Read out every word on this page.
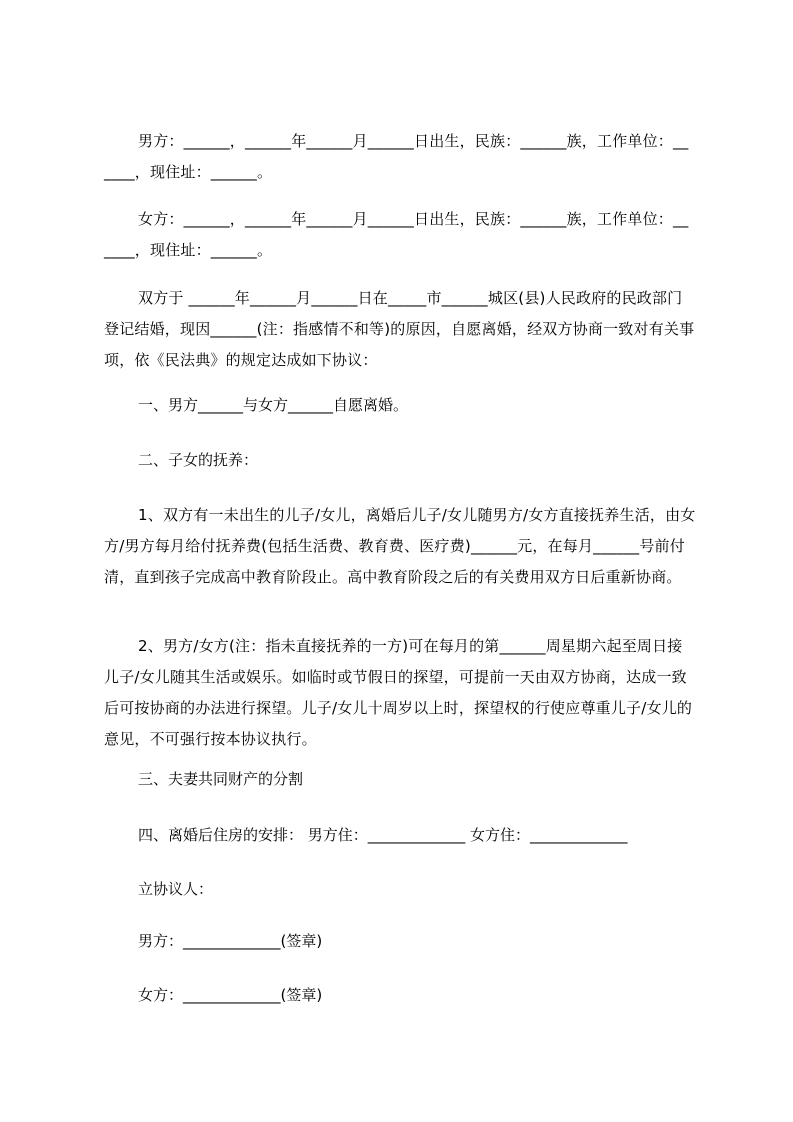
男方：______，______年______月______日出生，民族：______族，工作单位：______，现住址：______。

女方：______，______年______月______日出生，民族：______族，工作单位：______，现住址：______。

双方于 ______年______月______日在_____市______城区(县)人民政府的民政部门登记结婚，现因______(注：指感情不和等)的原因，自愿离婚，经双方协商一致对有关事项，依《民法典》的规定达成如下协议：

一、男方______与女方______自愿离婚。

二、子女的抚养：

1、双方有一未出生的儿子/女儿，离婚后儿子/女儿随男方/女方直接抚养生活，由女方/男方每月给付抚养费(包括生活费、教育费、医疗费)______元，在每月______号前付清，直到孩子完成高中教育阶段止。高中教育阶段之后的有关费用双方日后重新协商。

2、男方/女方(注：指未直接抚养的一方)可在每月的第______周星期六起至周日接儿子/女儿随其生活或娱乐。如临时或节假日的探望，可提前一天由双方协商，达成一致后可按协商的办法进行探望。儿子/女儿十周岁以上时，探望权的行使应尊重儿子/女儿的意见，不可强行按本协议执行。

三、夫妻共同财产的分割

四、离婚后住房的安排： 男方住：_____________ 女方住：_____________

立协议人：

男方：_____________(签章)

女方：_____________(签章)
